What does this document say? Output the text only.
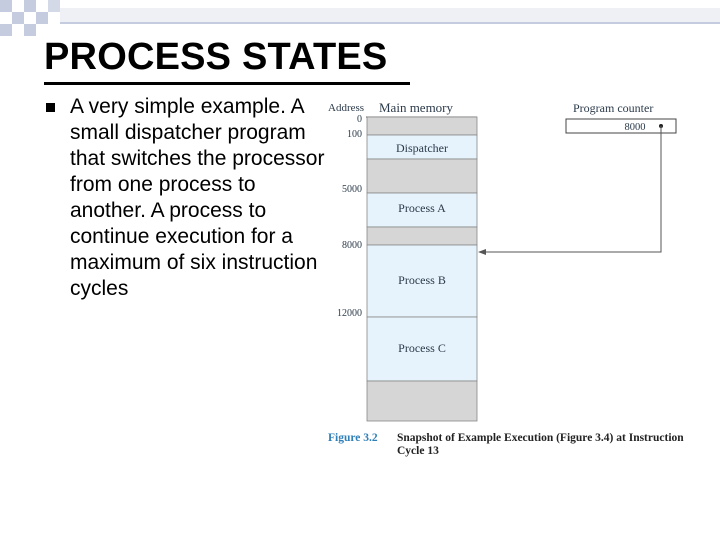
PROCESS STATES
A very simple example. A small dispatcher program that switches the processor from one process to another. A process to continue execution for a maximum of six instruction cycles
Address Main memory
Dispatcher
Process A
Process B
Process C
0
100
5000
8000
12000
Program counter
8000
Figure 3.2 Snapshot of Example Execution (Figure 3.4) at Instruction Cycle 13
